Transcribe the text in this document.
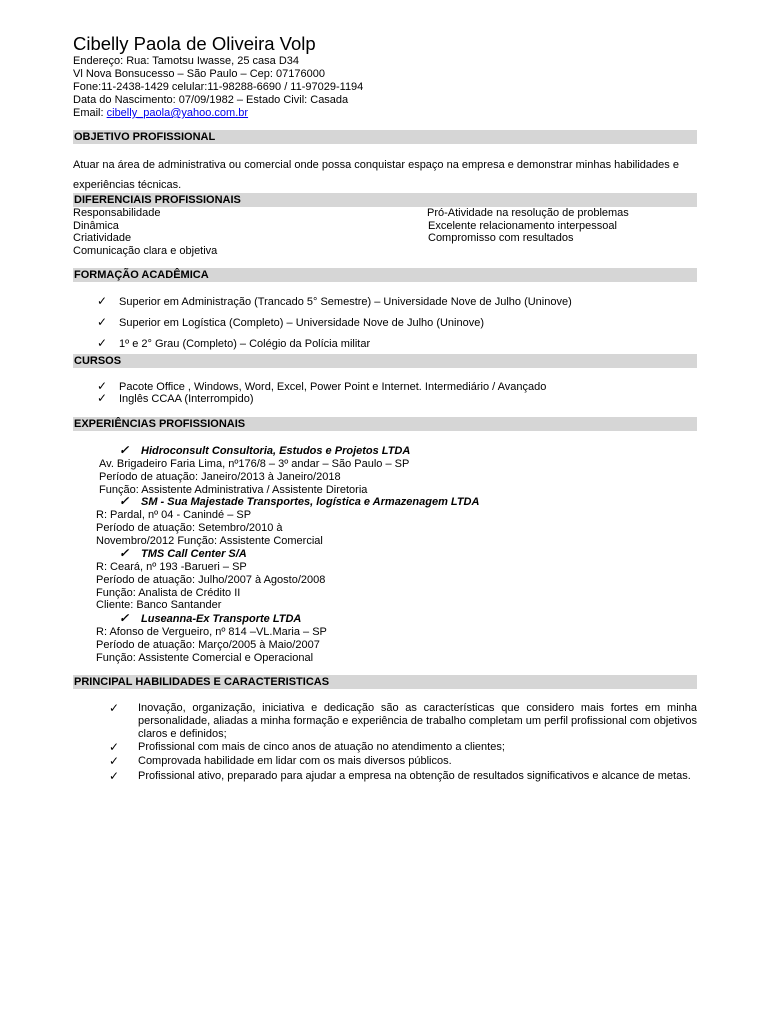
Cibelly Paola de Oliveira Volp
Endereço: Rua: Tamotsu Iwasse, 25 casa D34
Vl Nova Bonsucesso – São Paulo – Cep: 07176000
Fone:11-2438-1429 celular:11-98288-6690 / 11-97029-1194
Data do Nascimento: 07/09/1982 – Estado Civil: Casada
Email: cibelly_paola@yahoo.com.br
OBJETIVO PROFISSIONAL
Atuar na área de administrativa ou comercial onde possa conquistar espaço na empresa e demonstrar minhas habilidades e experiências técnicas.
DIFERENCIAIS PROFISSIONAIS
Responsabilidade
Dinâmica
Criatividade
Comunicação clara e objetiva
Pró-Atividade na resolução de problemas
Excelente relacionamento interpessoal
Compromisso com resultados
FORMAÇÃO ACADÊMICA
✓ Superior em Administração (Trancado 5° Semestre) – Universidade Nove de Julho (Uninove)
✓ Superior em Logística (Completo) – Universidade Nove de Julho (Uninove)
✓ 1º e 2° Grau (Completo) – Colégio da Polícia militar
CURSOS
✓ Pacote Office , Windows, Word, Excel, Power Point e Internet. Intermediário / Avançado
✓ Inglês CCAA (Interrompido)
EXPERIÊNCIAS PROFISSIONAIS
✓ Hidroconsult Consultoria, Estudos e Projetos LTDA
Av. Brigadeiro Faria Lima, nº176/8 – 3º andar – São Paulo – SP
Período de atuação: Janeiro/2013 à Janeiro/2018
Função: Assistente Administrativa / Assistente Diretoria
✓ SM - Sua Majestade Transportes, logística e Armazenagem LTDA
R: Pardal, nº 04 - Canindé – SP
Período de atuação: Setembro/2010 à
Novembro/2012 Função: Assistente Comercial
✓ TMS Call Center S/A
R: Ceará, nº 193 -Barueri – SP
Período de atuação: Julho/2007 à Agosto/2008
Função: Analista de Crédito II
Cliente: Banco Santander
✓ Luseanna-Ex Transporte LTDA
R: Afonso de Vergueiro, nº 814 –VL.Maria – SP
Período de atuação: Março/2005 à Maio/2007
Função: Assistente Comercial e Operacional
PRINCIPAL HABILIDADES E CARACTERISTICAS
✓ Inovação, organização, iniciativa e dedicação são as características que considero mais fortes em minha personalidade, aliadas a minha formação e experiência de trabalho completam um perfil profissional com objetivos claros e definidos;
✓ Profissional com mais de cinco anos de atuação no atendimento a clientes;
✓ Comprovada habilidade em lidar com os mais diversos públicos.
✓ Profissional ativo, preparado para ajudar a empresa na obtenção de resultados significativos e alcance de metas.
